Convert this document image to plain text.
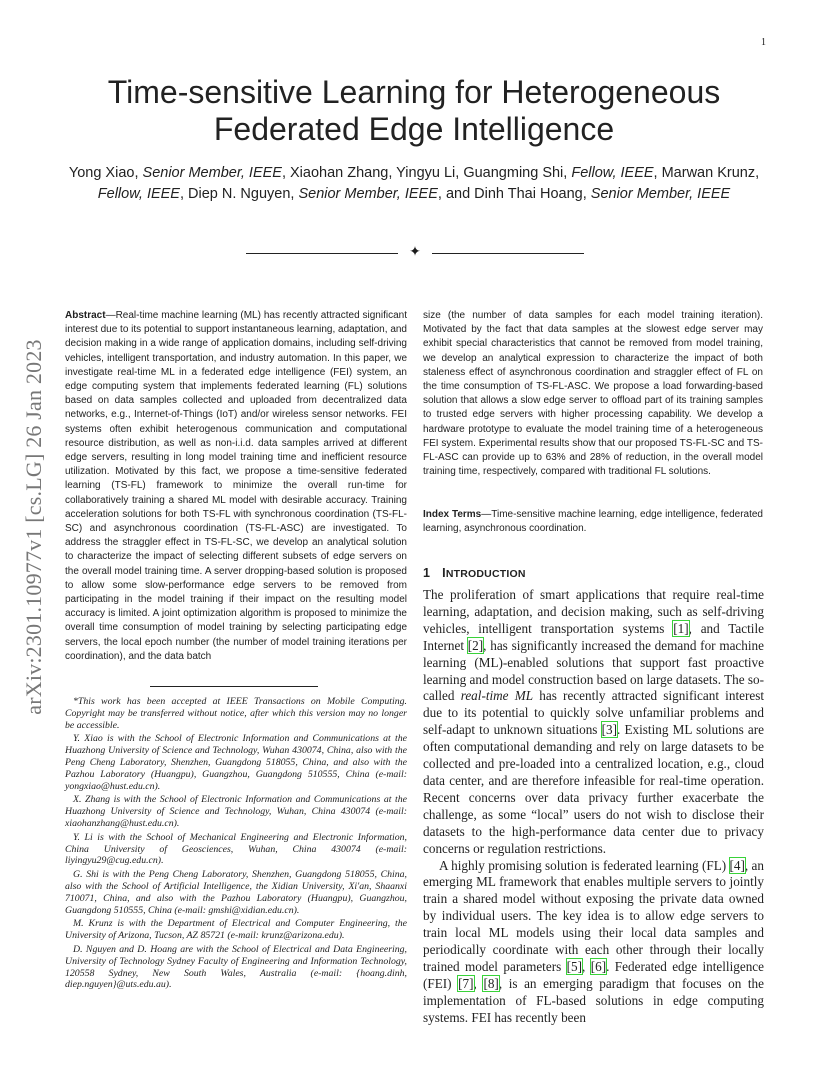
1
arXiv:2301.10977v1 [cs.LG] 26 Jan 2023
Time-sensitive Learning for Heterogeneous
Federated Edge Intelligence
Yong Xiao, Senior Member, IEEE, Xiaohan Zhang, Yingyu Li, Guangming Shi, Fellow, IEEE, Marwan Krunz, Fellow, IEEE, Diep N. Nguyen, Senior Member, IEEE, and Dinh Thai Hoang, Senior Member, IEEE
✦
Abstract—Real-time machine learning (ML) has recently attracted significant interest due to its potential to support instantaneous learning, adaptation, and decision making in a wide range of application domains, including self-driving vehicles, intelligent transportation, and industry automation. In this paper, we investigate real-time ML in a federated edge intelligence (FEI) system, an edge computing system that implements federated learning (FL) solutions based on data samples collected and uploaded from decentralized data networks, e.g., Internet-of-Things (IoT) and/or wireless sensor networks. FEI systems often exhibit heterogenous communication and computational resource distribution, as well as non-i.i.d. data samples arrived at different edge servers, resulting in long model training time and inefficient resource utilization. Motivated by this fact, we propose a time-sensitive federated learning (TS-FL) framework to minimize the overall run-time for collaboratively training a shared ML model with desirable accuracy. Training acceleration solutions for both TS-FL with synchronous coordination (TS-FL-SC) and asynchronous coordination (TS-FL-ASC) are investigated. To address the straggler effect in TS-FL-SC, we develop an analytical solution to characterize the impact of selecting different subsets of edge servers on the overall model training time. A server dropping-based solution is proposed to allow some slow-performance edge servers to be removed from participating in the model training if their impact on the resulting model accuracy is limited. A joint optimization algorithm is proposed to minimize the overall time consumption of model training by selecting participating edge servers, the local epoch number (the number of model training iterations per coordination), and the data batch
size (the number of data samples for each model training iteration). Motivated by the fact that data samples at the slowest edge server may exhibit special characteristics that cannot be removed from model training, we develop an analytical expression to characterize the impact of both staleness effect of asynchronous coordination and straggler effect of FL on the time consumption of TS-FL-ASC. We propose a load forwarding-based solution that allows a slow edge server to offload part of its training samples to trusted edge servers with higher processing capability. We develop a hardware prototype to evaluate the model training time of a heterogeneous FEI system. Experimental results show that our proposed TS-FL-SC and TS-FL-ASC can provide up to 63% and 28% of reduction, in the overall model training time, respectively, compared with traditional FL solutions.
Index Terms—Time-sensitive machine learning, edge intelligence, federated learning, asynchronous coordination.
1 INTRODUCTION

The proliferation of smart applications that require real-time learning, adaptation, and decision making, such as self-driving vehicles, intelligent transportation systems [1], and Tactile Internet [2], has significantly increased the demand for machine learning (ML)-enabled solutions that support fast proactive learning and model construction based on large datasets. The so-called real-time ML has recently attracted significant interest due to its potential to quickly solve unfamiliar problems and self-adapt to unknown situations [3]. Existing ML solutions are often computational demanding and rely on large datasets to be collected and pre-loaded into a centralized location, e.g., cloud data center, and are therefore infeasible for real-time operation. Recent concerns over data privacy further exacerbate the challenge, as some “local” users do not wish to disclose their datasets to the high-performance data center due to privacy concerns or regulation restrictions.

A highly promising solution is federated learning (FL) [4], an emerging ML framework that enables multiple servers to jointly train a shared model without exposing the private data owned by individual users. The key idea is to allow edge servers to train local ML models using their local data samples and periodically coordinate with each other through their locally trained model parameters [5], [6]. Federated edge intelligence (FEI) [7], [8], is an emerging paradigm that focuses on the implementation of FL-based solutions in edge computing systems. FEI has recently been

*This work has been accepted at IEEE Transactions on Mobile Computing. Copyright may be transferred without notice, after which this version may no longer be accessible.

Y. Xiao is with the School of Electronic Information and Communications at the Huazhong University of Science and Technology, Wuhan 430074, China, also with the Peng Cheng Laboratory, Shenzhen, Guangdong 518055, China, and also with the Pazhou Laboratory (Huangpu), Guangzhou, Guangdong 510555, China (e-mail: yongxiao@hust.edu.cn).

X. Zhang is with the School of Electronic Information and Communications at the Huazhong University of Science and Technology, Wuhan, China 430074 (e-mail: xiaohanzhang@hust.edu.cn).

Y. Li is with the School of Mechanical Engineering and Electronic Information, China University of Geosciences, Wuhan, China 430074 (e-mail: liyingyu29@cug.edu.cn).

G. Shi is with the Peng Cheng Laboratory, Shenzhen, Guangdong 518055, China, also with the School of Artificial Intelligence, the Xidian University, Xi'an, Shaanxi 710071, China, and also with the Pazhou Laboratory (Huangpu), Guangzhou, Guangdong 510555, China (e-mail: gmshi@xidian.edu.cn).

M. Krunz is with the Department of Electrical and Computer Engineering, the University of Arizona, Tucson, AZ 85721 (e-mail: krunz@arizona.edu).

D. Nguyen and D. Hoang are with the School of Electrical and Data Engineering, University of Technology Sydney Faculty of Engineering and Information Technology, 120558 Sydney, New South Wales, Australia (e-mail: {hoang.dinh, diep.nguyen}@uts.edu.au).
